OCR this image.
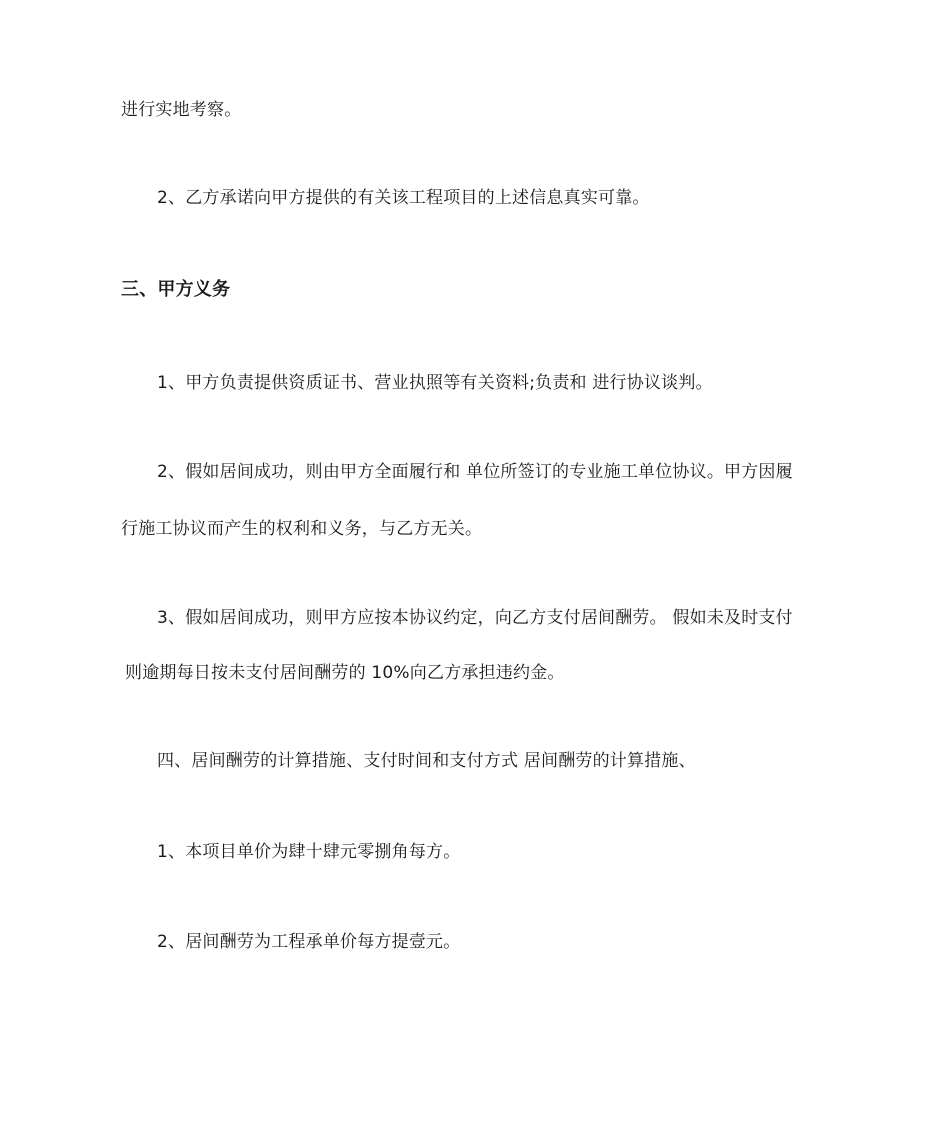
进行实地考察。
2、乙方承诺向甲方提供的有关该工程项目的上述信息真实可靠。
三、甲方义务
1、甲方负责提供资质证书、营业执照等有关资料;负责和 进行协议谈判。
2、假如居间成功，则由甲方全面履行和 单位所签订的专业施工单位协议。甲方因履
行施工协议而产生的权利和义务，与乙方无关。
3、假如居间成功，则甲方应按本协议约定，向乙方支付居间酬劳。 假如未及时支付
则逾期每日按未支付居间酬劳的 10%向乙方承担违约金。
四、居间酬劳的计算措施、支付时间和支付方式 居间酬劳的计算措施、
1、本项目单价为肆十肆元零捌角每方。
2、居间酬劳为工程承单价每方提壹元。
